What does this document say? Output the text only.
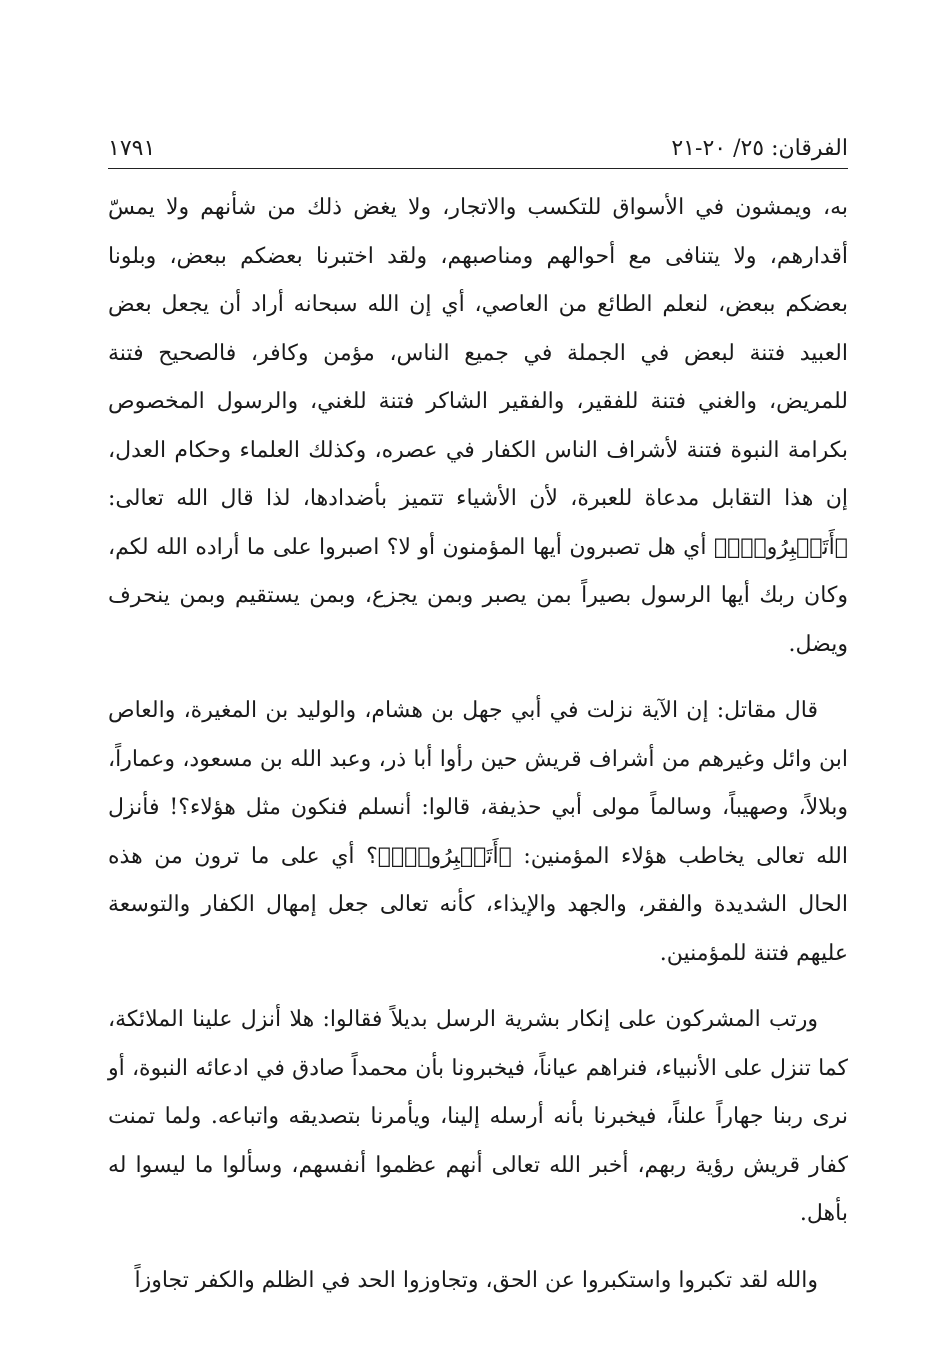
الفرقان: ٢٥/ ٢٠-٢١
١٧٩١

به، ويمشون في الأسواق للتكسب والاتجار، ولا يغض ذلك من شأنهم ولا يمسّ أقدارهم، ولا يتنافى مع أحوالهم ومناصبهم، ولقد اختبرنا بعضكم ببعض، وبلونا بعضكم ببعض، لنعلم الطائع من العاصي، أي إن الله سبحانه أراد أن يجعل بعض العبيد فتنة لبعض في الجملة في جميع الناس، مؤمن وكافر، فالصحيح فتنة للمريض، والغني فتنة للفقير، والفقير الشاكر فتنة للغني، والرسول المخصوص بكرامة النبوة فتنة لأشراف الناس الكفار في عصره، وكذلك العلماء وحكام العدل، إن هذا التقابل مدعاة للعبرة، لأن الأشياء تتميز بأضدادها، لذا قال الله تعالى: ﴿أَتَصۡبِرُونَۗ﴾ أي هل تصبرون أيها المؤمنون أو لا؟ اصبروا على ما أراده الله لكم، وكان ربك أيها الرسول بصيراً بمن يصبر وبمن يجزع، وبمن يستقيم وبمن ينحرف ويضل.

قال مقاتل: إن الآية نزلت في أبي جهل بن هشام، والوليد بن المغيرة، والعاص ابن وائل وغيرهم من أشراف قريش حين رأوا أبا ذر، وعبد الله بن مسعود، وعماراً، وبلالاً، وصهيباً، وسالماً مولى أبي حذيفة، قالوا: أنسلم فنكون مثل هؤلاء؟! فأنزل الله تعالى يخاطب هؤلاء المؤمنين: ﴿أَتَصۡبِرُونَۗ﴾؟ أي على ما ترون من هذه الحال الشديدة والفقر، والجهد والإيذاء، كأنه تعالى جعل إمهال الكفار والتوسعة عليهم فتنة للمؤمنين.

ورتب المشركون على إنكار بشرية الرسل بديلاً فقالوا: هلا أنزل علينا الملائكة، كما تنزل على الأنبياء، فنراهم عياناً، فيخبرونا بأن محمداً صادق في ادعائه النبوة، أو نرى ربنا جهاراً علناً، فيخبرنا بأنه أرسله إلينا، ويأمرنا بتصديقه واتباعه. ولما تمنت كفار قريش رؤية ربهم، أخبر الله تعالى أنهم عظموا أنفسهم، وسألوا ما ليسوا له بأهل.

والله لقد تكبروا واستكبروا عن الحق، وتجاوزوا الحد في الظلم والكفر تجاوزاً
